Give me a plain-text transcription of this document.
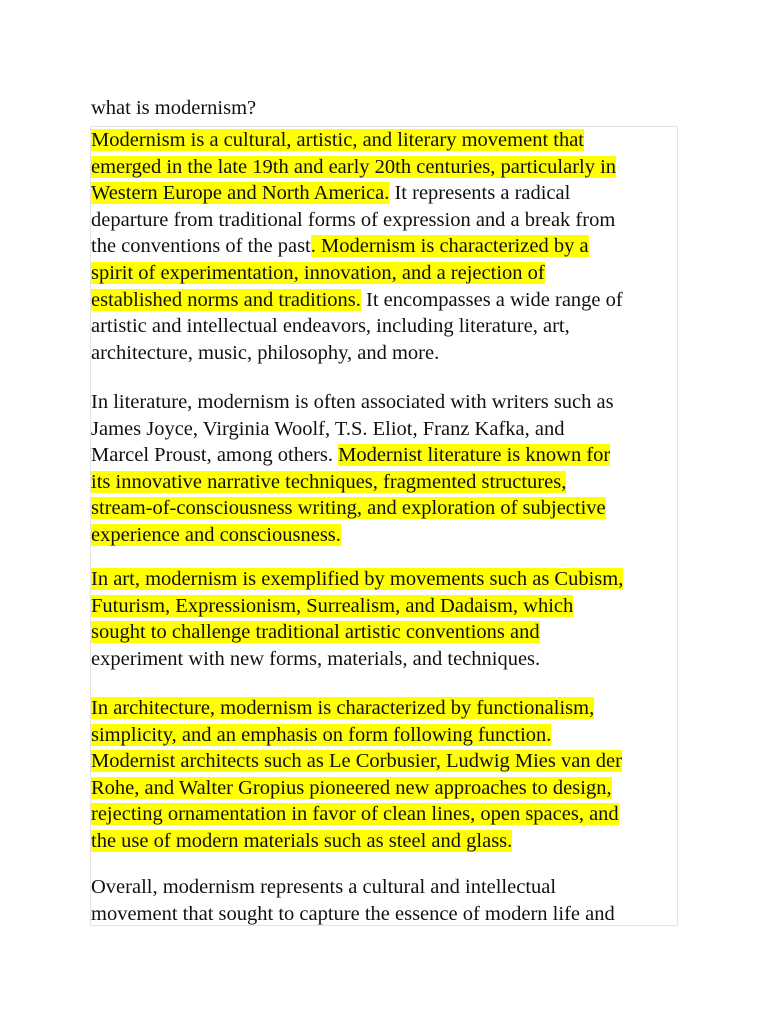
what is modernism?

Modernism is a cultural, artistic, and literary movement that
emerged in the late 19th and early 20th centuries, particularly in
Western Europe and North America. It represents a radical
departure from traditional forms of expression and a break from
the conventions of the past. Modernism is characterized by a
spirit of experimentation, innovation, and a rejection of
established norms and traditions. It encompasses a wide range of
artistic and intellectual endeavors, including literature, art,
architecture, music, philosophy, and more.

In literature, modernism is often associated with writers such as
James Joyce, Virginia Woolf, T.S. Eliot, Franz Kafka, and
Marcel Proust, among others. Modernist literature is known for
its innovative narrative techniques, fragmented structures,
stream-of-consciousness writing, and exploration of subjective
experience and consciousness.

In art, modernism is exemplified by movements such as Cubism,
Futurism, Expressionism, Surrealism, and Dadaism, which
sought to challenge traditional artistic conventions and
experiment with new forms, materials, and techniques.

In architecture, modernism is characterized by functionalism,
simplicity, and an emphasis on form following function.
Modernist architects such as Le Corbusier, Ludwig Mies van der
Rohe, and Walter Gropius pioneered new approaches to design,
rejecting ornamentation in favor of clean lines, open spaces, and
the use of modern materials such as steel and glass.

Overall, modernism represents a cultural and intellectual
movement that sought to capture the essence of modern life and
